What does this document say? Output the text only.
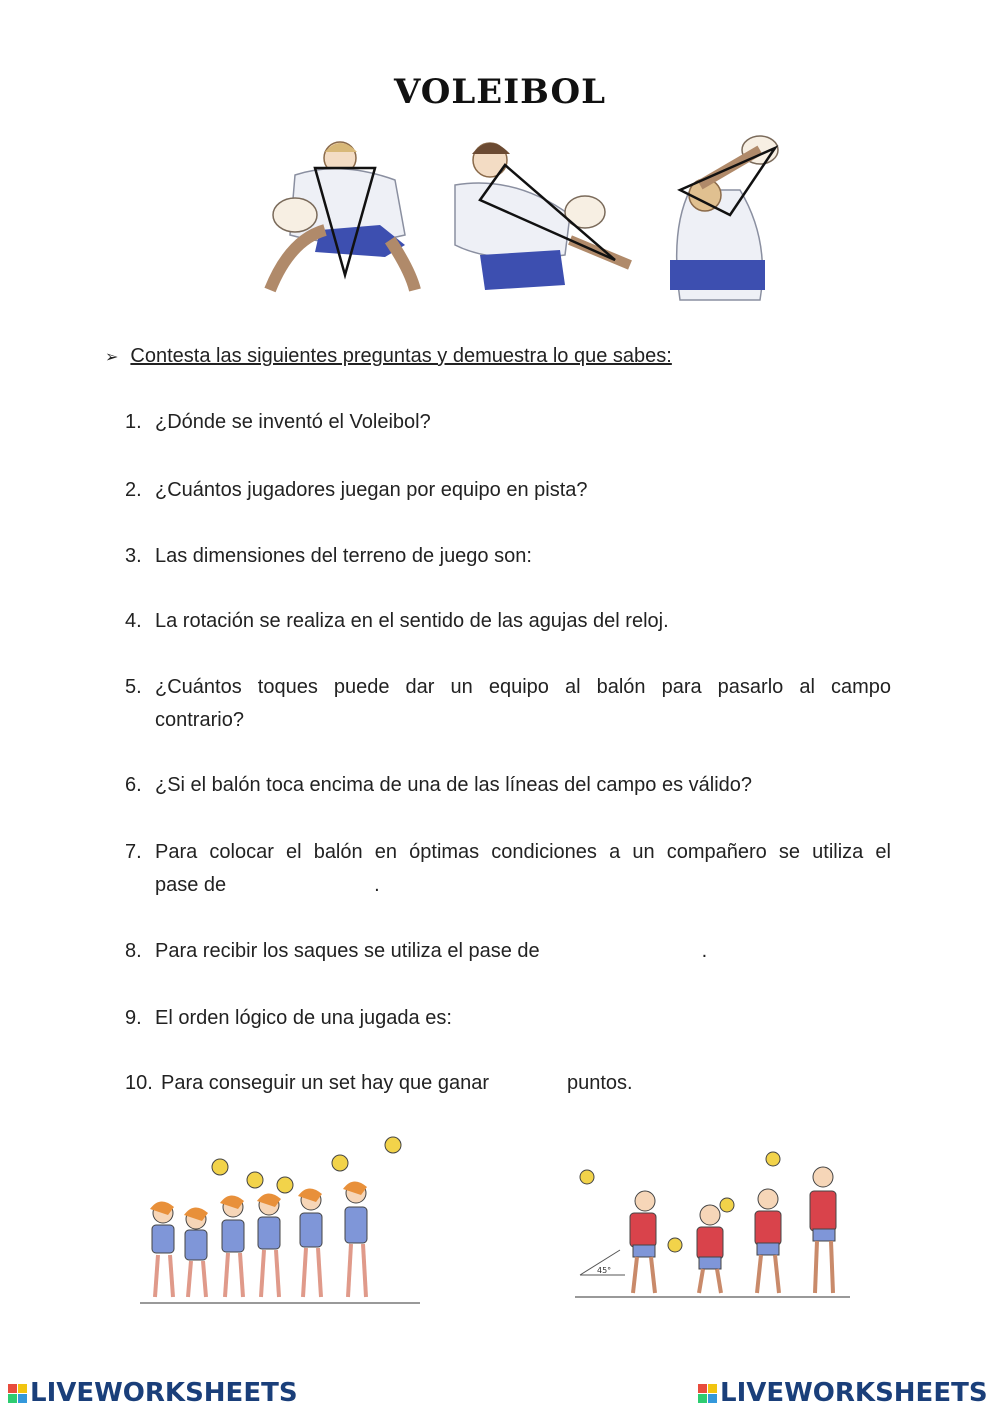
VOLEIBOL
➢ Contesta las siguientes preguntas y demuestra lo que sabes:
1. ¿Dónde se inventó el Voleibol?
2. ¿Cuántos jugadores juegan por equipo en pista?
3. Las dimensiones del terreno de juego son:
4. La rotación se realiza en el sentido de las agujas del reloj.
5. ¿Cuántos toques puede dar un equipo al balón para pasarlo al campo
contrario?
6. ¿Si el balón toca encima de una de las líneas del campo es válido?
7. Para colocar el balón en óptimas condiciones a un compañero se utiliza el
pase de	.
8. Para recibir los saques se utiliza el pase de	.
9. El orden lógico de una jugada es:
10. Para conseguir un set hay que ganar	puntos.
45°
LIVEWORKSHEETS	LIVEWORKSHEETS
